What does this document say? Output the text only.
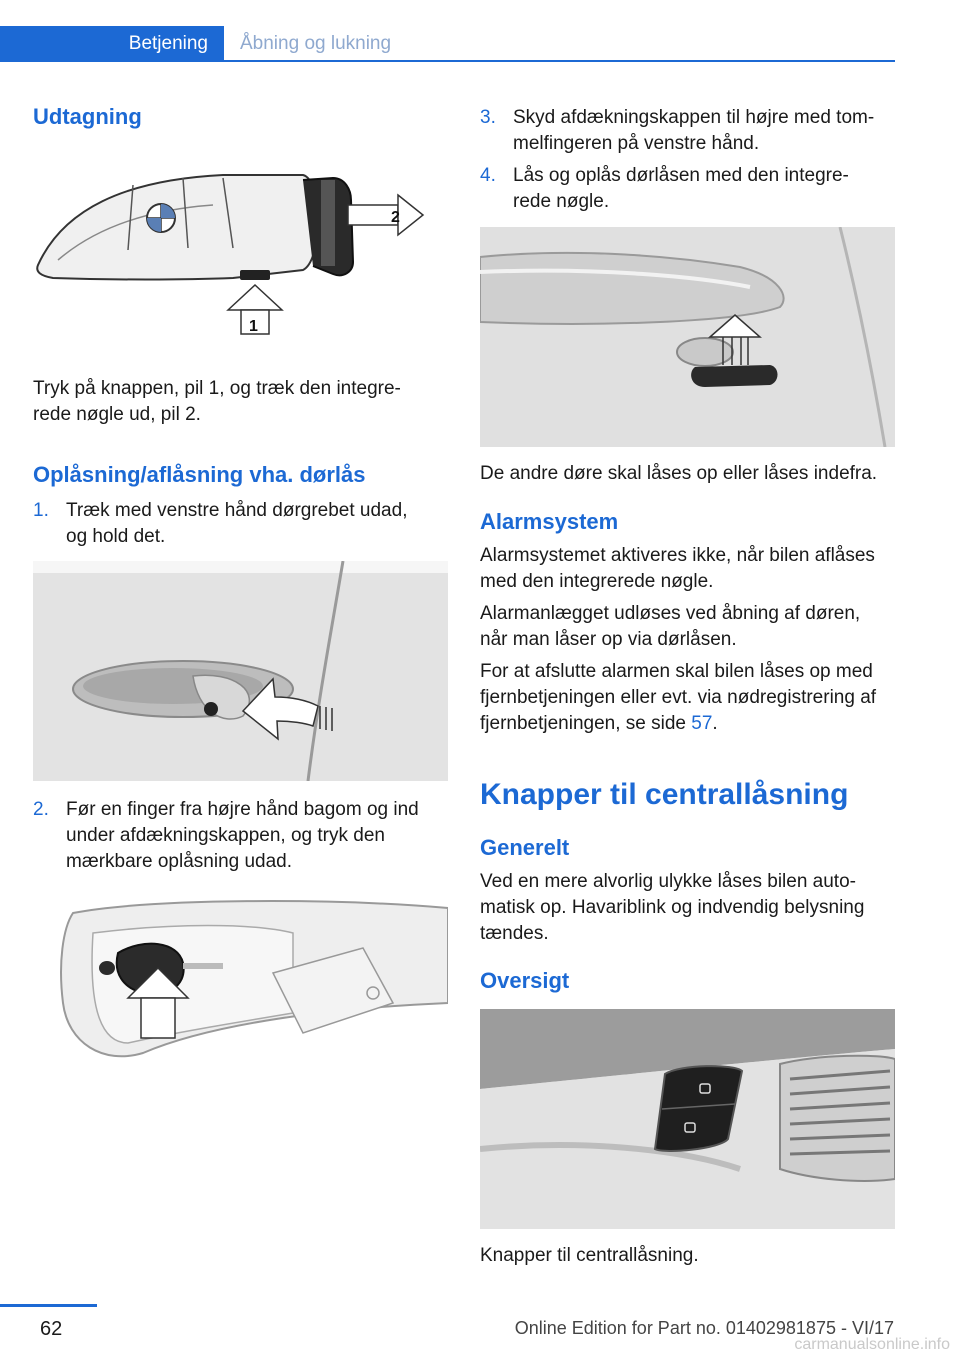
Betjening	Åbning og lukning
Udtagning
2
1

Tryk på knappen, pil 1, og træk den integre-

rede nøgle ud, pil 2.

Oplåsning/aflåsning vha. dørlås
1. Træk med venstre hånd dørgrebet udad,

og hold det.

2. Før en finger fra højre hånd bagom og ind

under afdækningskappen, og tryk den

mærkbare oplåsning udad.

3. Skyd afdækningskappen til højre med tom-

melfingeren på venstre hånd.

4. Lås og oplås dørlåsen med den integre-

rede nøgle.

De andre døre skal låses op eller låses indefra.

Alarmsystem

Alarmsystemet aktiveres ikke, når bilen aflåses

med den integrerede nøgle.

Alarmanlægget udløses ved åbning af døren,

når man låser op via dørlåsen.

For at afslutte alarmen skal bilen låses op med

fjernbetjeningen eller evt. via nødregistrering af

fjernbetjeningen, se side 57.

Knapper til centrallåsning
Generelt

Ved en mere alvorlig ulykke låses bilen auto-

matisk op. Havariblink og indvendig belysning

tændes.

Oversigt

Knapper til centrallåsning.

62	Online Edition for Part no. 01402981875 - VI/17
carmanualsonline.info
